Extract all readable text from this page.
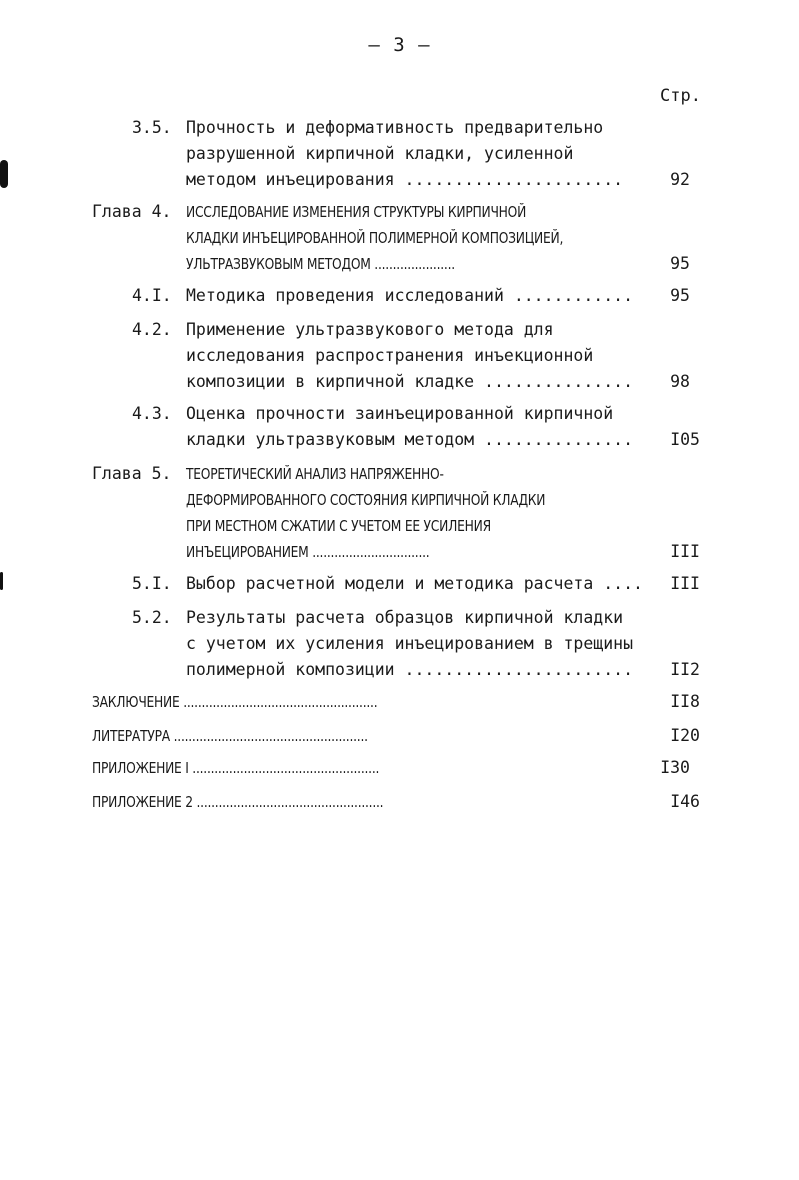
– 3 –
Стр.
3.5. Прочность и деформативность предварительно
разрушенной кирпичной кладки, усиленной
методом инъецирования ......................	92
Глава 4. ИССЛЕДОВАНИЕ ИЗМЕНЕНИЯ СТРУКТУРЫ КИРПИЧНОЙ
КЛАДКИ ИНЪЕЦИРОВАННОЙ ПОЛИМЕРНОЙ КОМПОЗИЦИЕЙ,
УЛЬТРАЗВУКОВЫМ МЕТОДОМ ......................	95
4.I. Методика проведения исследований ............	95
4.2. Применение ультразвукового метода для
исследования распространения инъекционной
композиции в кирпичной кладке ...............	98
4.3. Оценка прочности заинъецированной кирпичной
кладки ультразвуковым методом ...............	I05
Глава 5. ТЕОРЕТИЧЕСКИЙ АНАЛИЗ НАПРЯЖЕННО-
ДЕФОРМИРОВАННОГО СОСТОЯНИЯ КИРПИЧНОЙ КЛАДКИ
ПРИ МЕСТНОМ СЖАТИИ С УЧЕТОМ ЕЕ УСИЛЕНИЯ
ИНЪЕЦИРОВАНИЕМ ................................	III
5.I. Выбор расчетной модели и методика расчета ....	III
5.2. Результаты расчета образцов кирпичной кладки
с учетом их усиления инъецированием в трещины
полимерной композиции .......................	II2
ЗАКЛЮЧЕНИЕ .....................................................	II8
ЛИТЕРАТУРА .....................................................	I20
ПРИЛОЖЕНИЕ I ...................................................	I30
ПРИЛОЖЕНИЕ 2 ...................................................	I46
